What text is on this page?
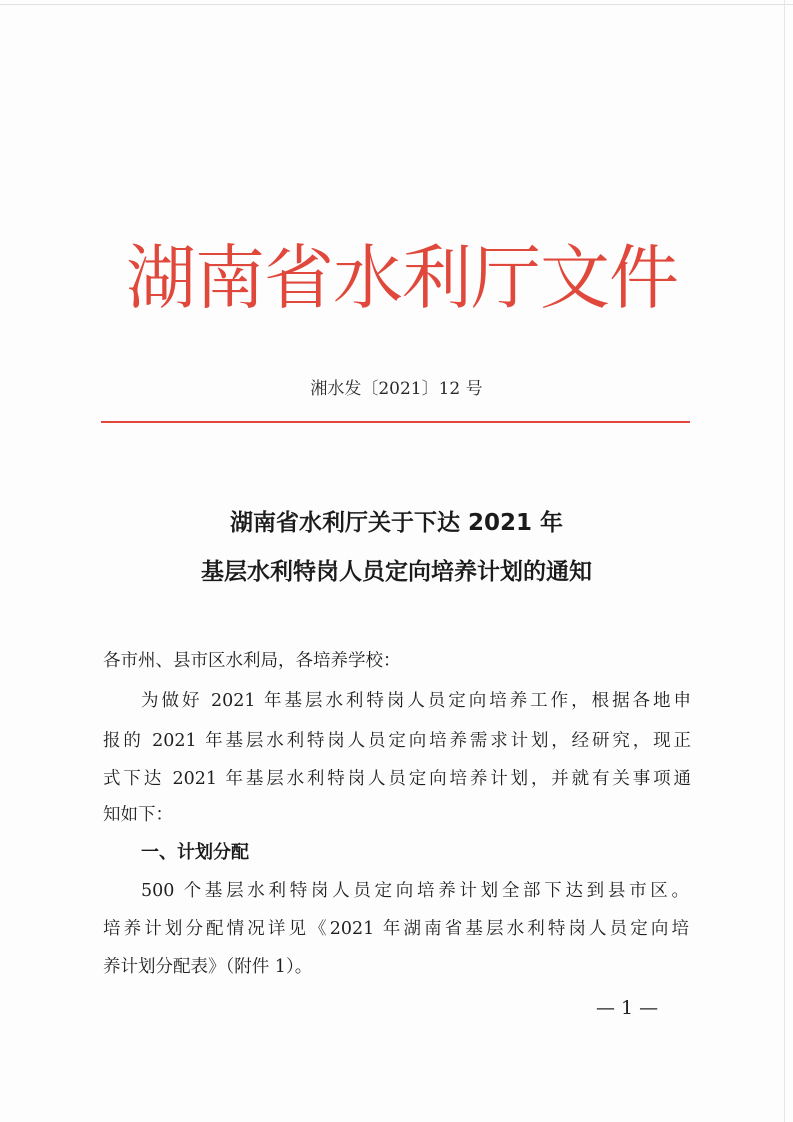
湖南省水利厅文件
湘水发〔2021〕12 号
湖南省水利厅关于下达 2021 年
基层水利特岗人员定向培养计划的通知
各市州、县市区水利局，各培养学校：
为做好 2021 年基层水利特岗人员定向培养工作，根据各地申
报的 2021 年基层水利特岗人员定向培养需求计划，经研究，现正
式下达 2021 年基层水利特岗人员定向培养计划，并就有关事项通
知如下：
一、计划分配
500 个基层水利特岗人员定向培养计划全部下达到县市区。
培养计划分配情况详见《2021 年湖南省基层水利特岗人员定向培
养计划分配表》（附件 1）。
— 1 —
